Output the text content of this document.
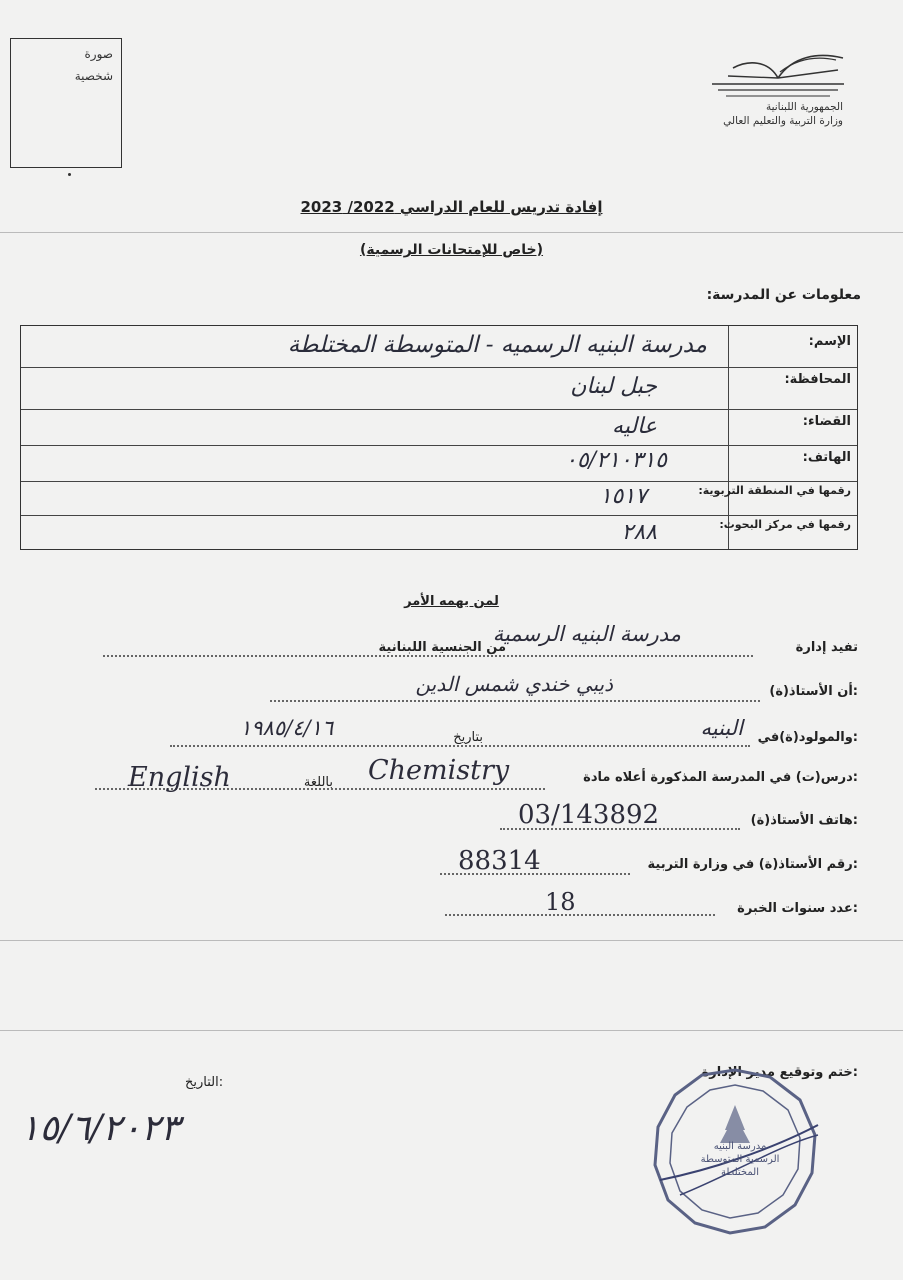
صورة
شخصية
الجمهورية اللبنانية
وزارة التربية والتعليم العالي
إفادة تدريس للعام الدراسي 2022/ 2023
(خاص للإمتحانات الرسمية)
معلومات عن المدرسة:
الإسم:
مدرسة البنيه الرسميه - المتوسطة المختلطة
المحافظة:
جبل لبنان
القضاء:
عاليه
الهاتف:
٠٥/٢١٠٣١٥
رقمها في المنطقة التربوية:
١٥١٧
رقمها في مركز البحوث:
٢٨٨
لمن يهمه الأمر
تفيد إدارة
مدرسة البنيه الرسمية
من الجنسية اللبنانية
أن الأستاذ(ة):
ذيبي خندي شمس الدين
والمولود(ة)في:
البنيه
بتاريخ
١٩٨٥/٤/١٦
درس(ت) في المدرسة المذكورة أعلاه مادة:
Chemistry
باللغة
English
هاتف الأستاذ(ة):
03/143892
رقم الأستاذ(ة) في وزارة التربية:
88314
عدد سنوات الخبرة:
18
ختم وتوقيع مدير الإدارة:
التاريخ:
١٥/٦/٢٠٢٣	مدرسة البنيه
الرسمية المتوسطة
المختلطة
